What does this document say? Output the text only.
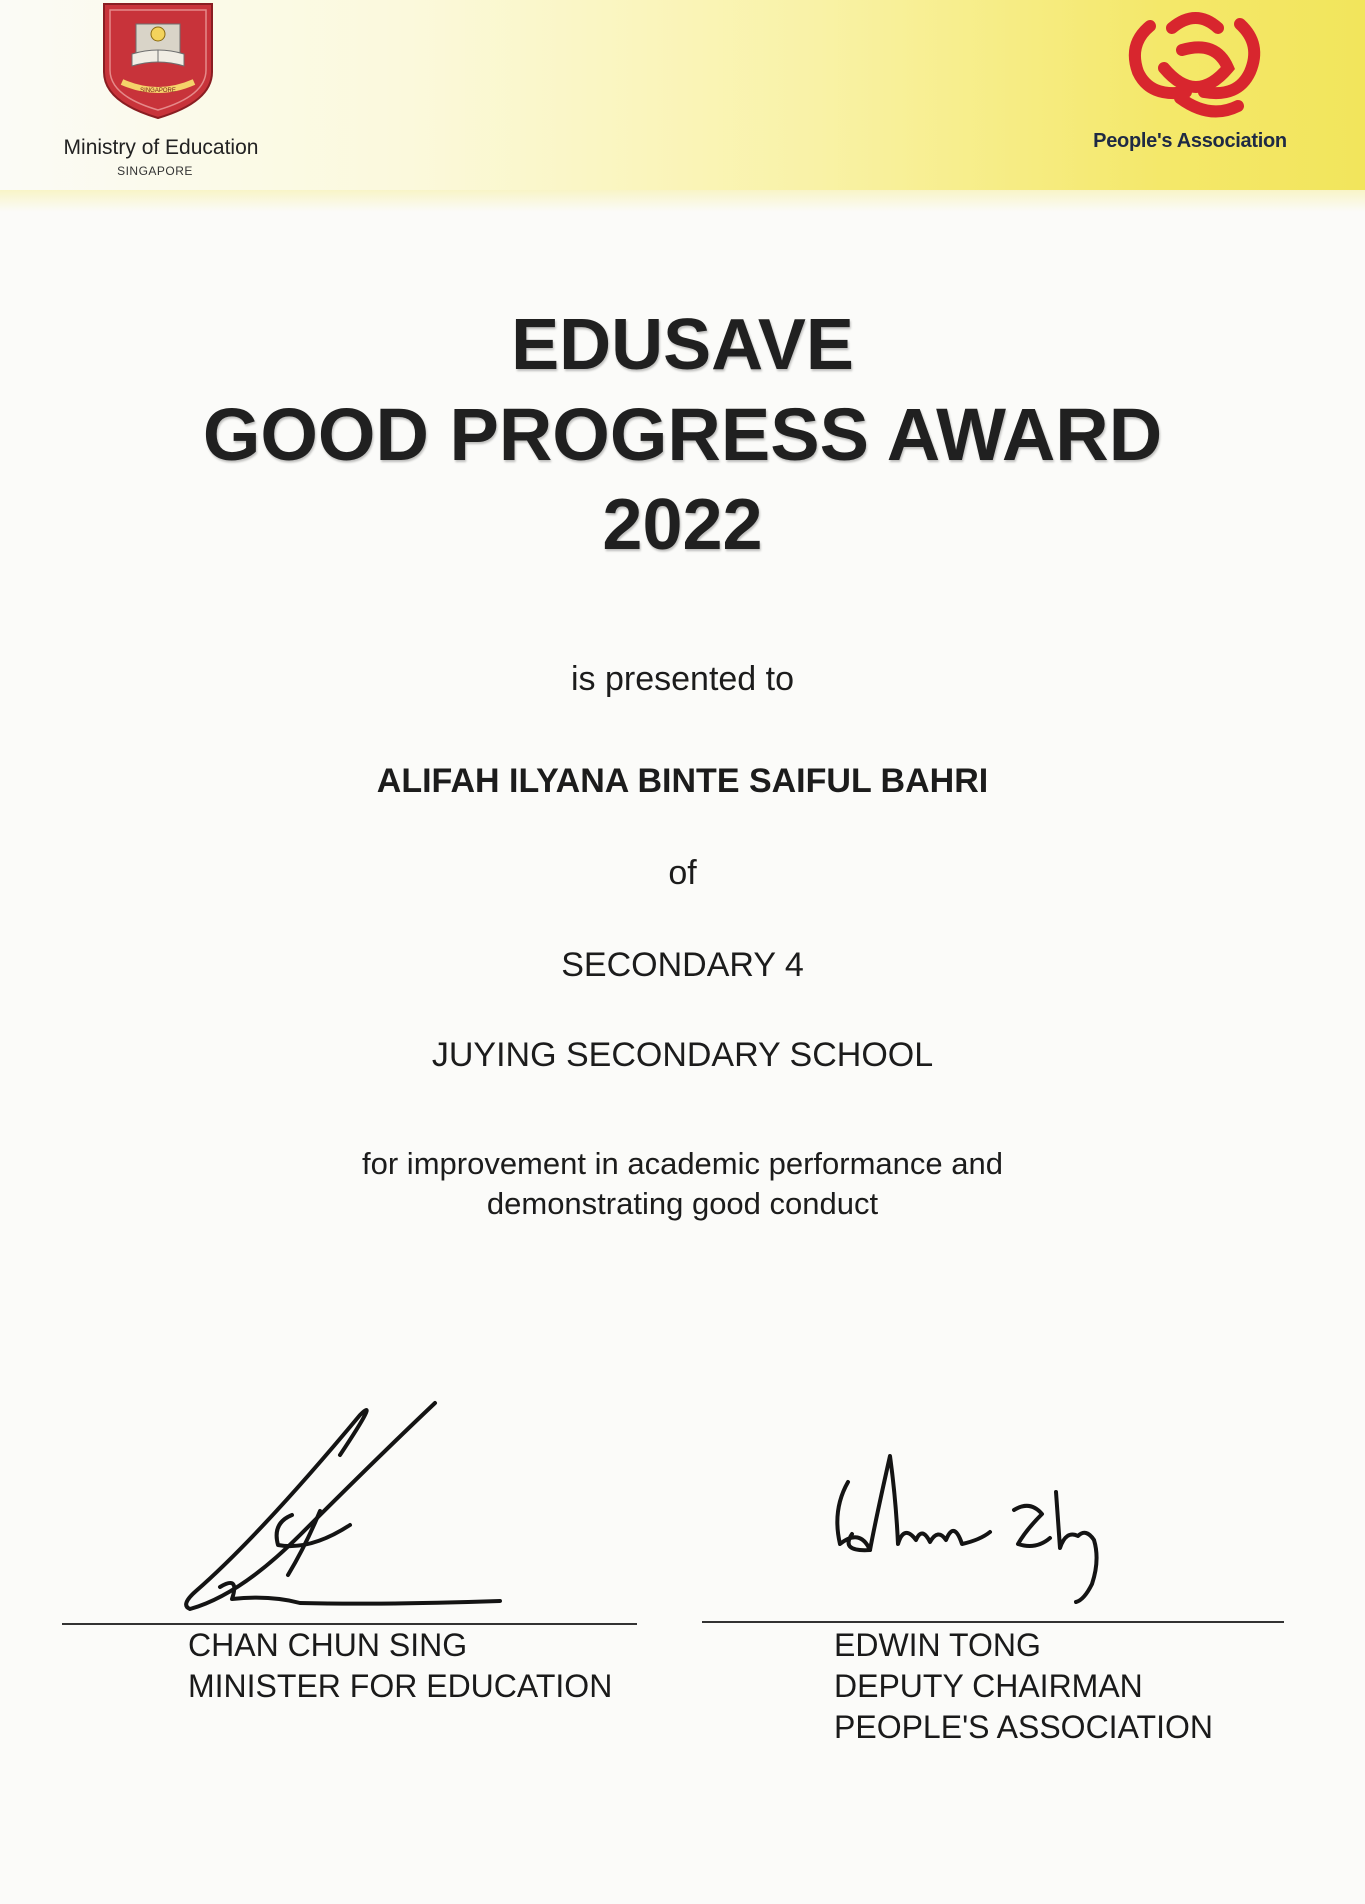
SINGAPORE
Ministry of Education
SINGAPORE
People's Association
EDUSAVE
GOOD PROGRESS AWARD
2022
is presented to
ALIFAH ILYANA BINTE SAIFUL BAHRI
of
SECONDARY 4
JUYING SECONDARY SCHOOL
for improvement in academic performance and
demonstrating good conduct
CHAN CHUN SING
MINISTER FOR EDUCATION
EDWIN TONG
DEPUTY CHAIRMAN
PEOPLE'S ASSOCIATION
